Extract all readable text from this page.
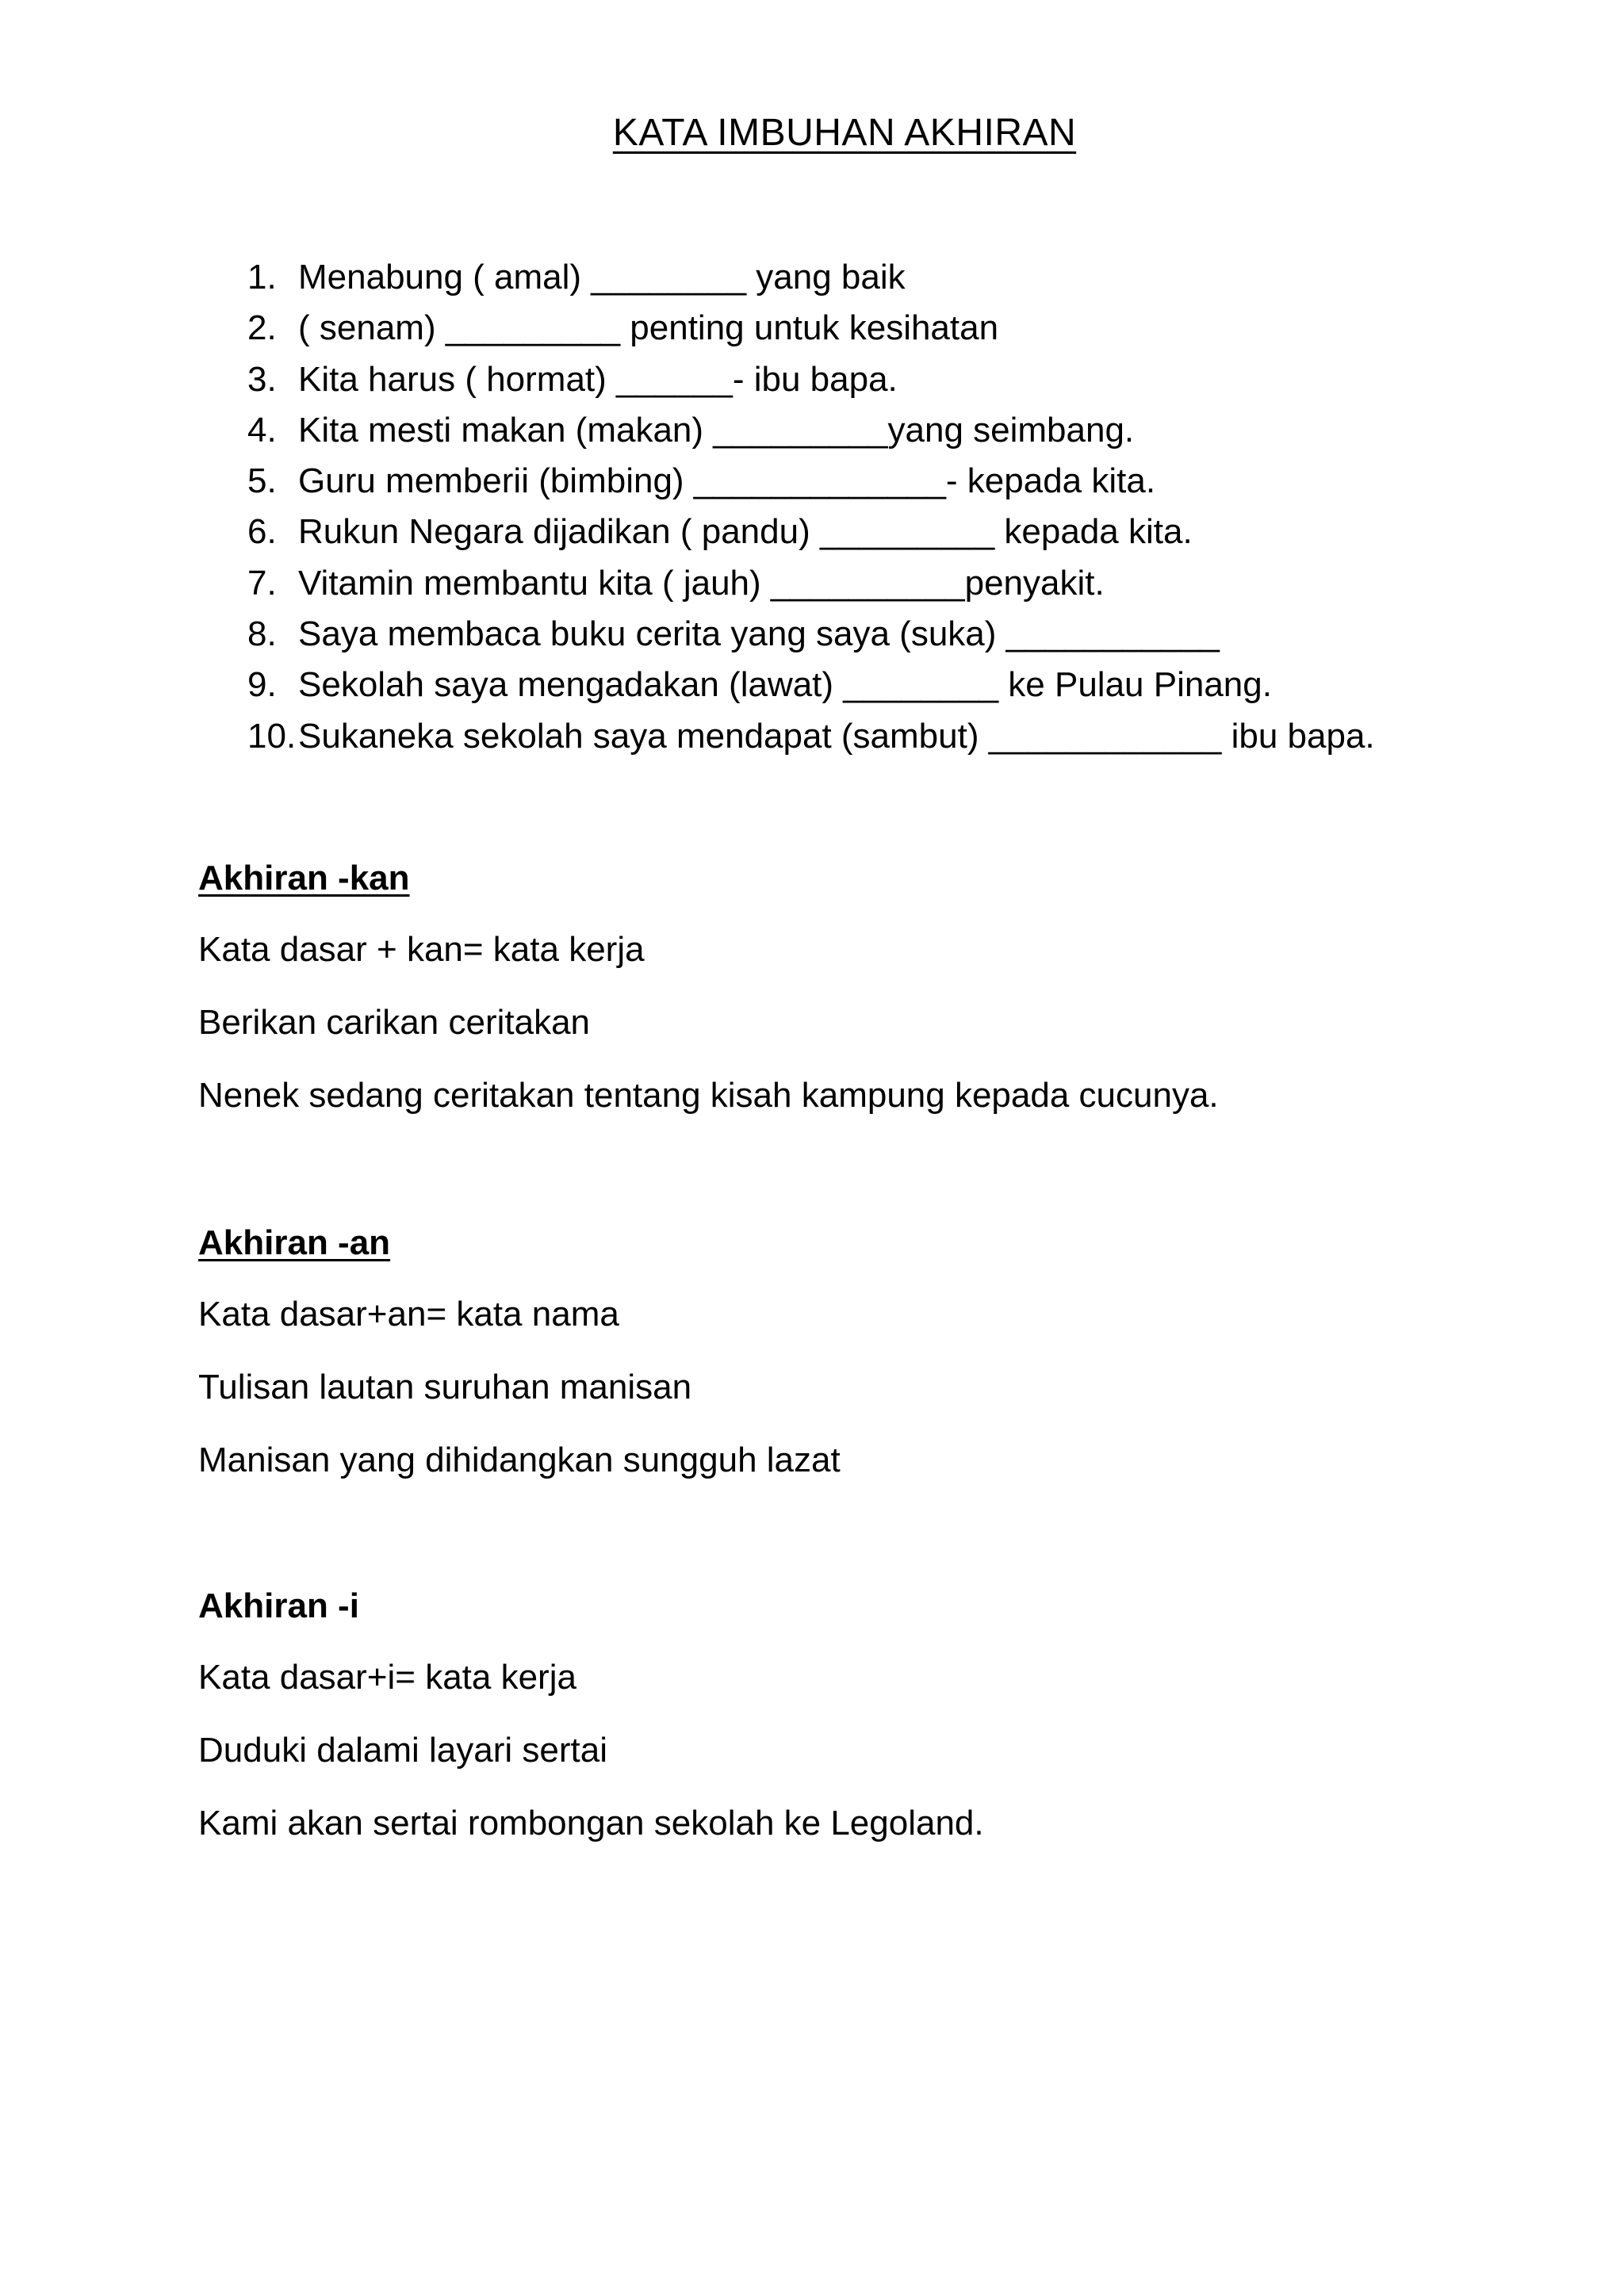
KATA IMBUHAN AKHIRAN
1. Menabung ( amal) ________ yang baik
2. ( senam) _________ penting untuk kesihatan
3. Kita harus ( hormat) ______- ibu bapa.
4. Kita mesti makan (makan) _________yang seimbang.
5. Guru memberii (bimbing) _____________- kepada kita.
6. Rukun Negara dijadikan ( pandu) _________ kepada kita.
7. Vitamin membantu kita ( jauh) __________penyakit.
8. Saya membaca buku cerita yang saya (suka) ___________
9. Sekolah saya mengadakan (lawat) ________ ke Pulau Pinang.
10. Sukaneka sekolah saya mendapat (sambut) ____________ ibu bapa.
Akhiran -kan
Kata dasar + kan= kata kerja
Berikan carikan ceritakan
Nenek sedang ceritakan tentang kisah kampung kepada cucunya.
Akhiran -an
Kata dasar+an= kata nama
Tulisan lautan suruhan manisan
Manisan yang dihidangkan sungguh lazat
Akhiran -i
Kata dasar+i= kata kerja
Duduki dalami layari sertai
Kami akan sertai rombongan sekolah ke Legoland.
